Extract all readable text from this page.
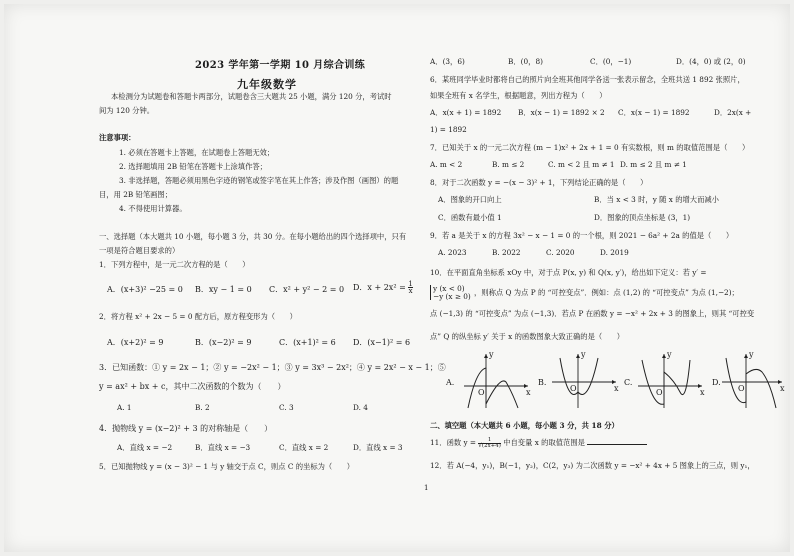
2023 学年第一学期 10 月综合训练
九年级数学
本检测分为试题卷和答题卡两部分，试题卷含三大题共 25 小题，满分 120 分，考试时
间为 120 分钟。
注意事项：
1. 必须在答题卡上答题，在试题卷上答题无效；
2. 选择题填用 2B 铅笔在答题卡上涂填作答；
3. 非选择题，答题必须用黑色字迹的钢笔或签字笔在其上作答；涉及作图（画图）的题
目，用 2B 铅笔画图；
4. 不得使用计算器。
一、选择题（本大题共 10 小题，每小题 3 分，共 30 分。在每小题给出的四个选择项中，只有
一项是符合题目要求的）
1．下列方程中，是一元二次方程的是（　　）
A．(x+3)² −25 = 0 B．xy − 1 = 0 C．x² + y² − 2 = 0 D．$x + 2x^2 = \frac{1}{x}$
2．将方程 x² + 2x − 5 = 0 配方后，原方程变形为（　　）
A．(x+2)² = 9	B．(x−2)² = 9	C．(x+1)² = 6 D．(x−1)² = 6
3．已知函数：① y = 2x − 1；② y = −2x² − 1；③ y = 3x³ − 2x²；④ y = 2x² − x − 1；⑤
y = ax² + bx + c，其中二次函数的个数为（　　）
A. 1	B. 2	C. 3	D. 4
4．抛物线 y = (x−2)² + 3 的对称轴是（　　）
A．直线 x = −2	B．直线 x = −3	C．直线 x = 2	D．直线 x = 3
5．已知抛物线 y = (x − 3)² − 1 与 y 轴交于点 C，则点 C 的坐标为（　　）
1
A．(3，6)	B．(0，8)	C．(0，−1)	D．(4，0) 或 (2，0)
6．某班同学毕业时都将自己的照片向全班其他同学各送一张表示留念，全班共送 1 892 张照片，
如果全班有 x 名学生，根据题意，列出方程为（　　）
A．x(x + 1) = 1892 B．x(x − 1) = 1892 × 2 C．x(x − 1) = 1892	D．2x(x +
1) = 1892
7．已知关于 x 的一元二次方程 (m − 1)x² + 2x + 1 = 0 有实数根，则 m 的取值范围是（　　）
A. m < 2	B. m ≤ 2	C. m < 2 且 m ≠ 1 D. m ≤ 2 且 m ≠ 1
8．对于二次函数 y = −(x − 3)² + 1，下列结论正确的是（　　）
A．图象的开口向上	B．当 x < 3 时，y 随 x 的增大而减小
C．函数有最小值 1	D．图象的顶点坐标是 (3，1)
9．若 a 是关于 x 的方程 3x² − x − 1 = 0 的一个根，则 2021 − 6a² + 2a 的值是（　　）
A. 2023	B. 2022	C. 2020	D. 2019
10．在平面直角坐标系 xOy 中，对于点 P(x, y) 和 Q(x, y′)，给出如下定义：若 y′ =
y (x < 0)
−y (x ≥ 0) ，则称点 Q 为点 P 的 “可控变点”．例如：点 (1,2) 的 “可控变点” 为点 (1,−2)；
点 (−1,3) 的 “可控变点” 为点 (−1,3)．若点 P 在函数 y = −x² + 2x + 3 的图象上，则其 “可控变
点” Q 的纵坐标 y′ 关于 x 的函数图象大致正确的是（　　）
A.
x
y
O
B.
x
y
O
C.
x
y
O
D.
x
y
O
二、填空题（本大题共 6 小题，每小题 3 分，共 18 分）
11．函数 $y = \frac{1}{√(2x+4)}$ 中自变量 x 的取值范围是
12．若 A(−4，y₁)，B(−1，y₂)，C(2，y₃) 为二次函数 y = −x² + 4x + 5 图象上的三点，则 y₁，
